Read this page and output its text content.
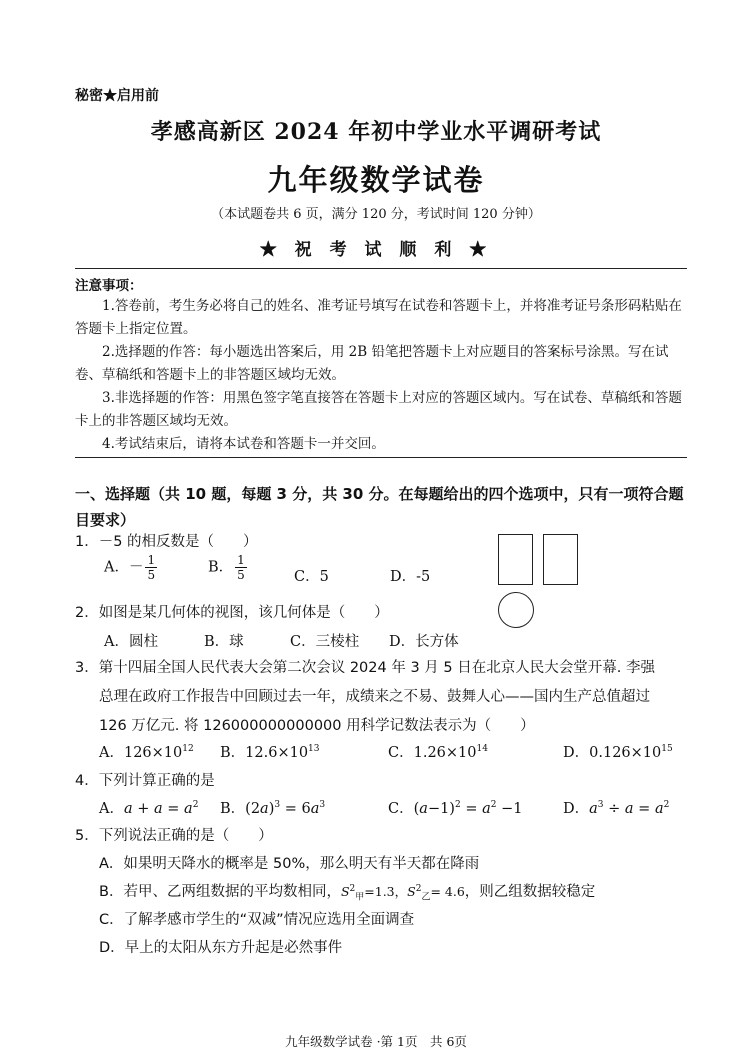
秘密★启用前
孝感高新区 2024 年初中学业水平调研考试
九年级数学试卷
（本试题卷共 6 页，满分 120 分，考试时间 120 分钟）
★ 祝 考 试 顺 利 ★
注意事项：

1.答卷前，考生务必将自己的姓名、准考证号填写在试卷和答题卡上，并将准考证号条形码粘贴在答题卡上指定位置。

2.选择题的作答：每小题选出答案后，用 2B 铅笔把答题卡上对应题目的答案标号涂黑。写在试卷、草稿纸和答题卡上的非答题区域均无效。

3.非选择题的作答：用黑色签字笔直接答在答题卡上对应的答题区域内。写在试卷、草稿纸和答题卡上的非答题区域均无效。

4.考试结束后，请将本试卷和答题卡一并交回。

一、选择题（共 10 题，每题 3 分，共 30 分。在每题给出的四个选项中，只有一项符合题目要求）
1．－5 的相反数是（　　）
A．－ $\frac{1}{5}$	B． $\frac{1}{5}$	C．5	D．-5
2．如图是某几何体的视图，该几何体是（　　）
A．圆柱	B．球	C．三棱柱 D．长方体
3．第十四届全国人民代表大会第二次会议 2024 年 3 月 5 日在北京人民大会堂开幕. 李强
总理在政府工作报告中回顾过去一年，成绩来之不易、鼓舞人心——国内生产总值超过
126 万亿元. 将 126000000000000 用科学记数法表示为（　　）
A．$126\times 10^{12}$ B．$12.6\times 10^{13}$	C．$1.26\times 10^{14}$	D．$0.126\times 10^{15}$
4．下列计算正确的是
A．$a + a = a^2$ B．$(2a)^3 = 6a^3$	C．$(a-1)^2 = a^2 -1$	D．$a^3 \div a = a^2$
5．下列说法正确的是（　　）
A．如果明天降水的概率是 50%，那么明天有半天都在降雨
B．若甲、乙两组数据的平均数相同，$S^2_甲=1.3$，$S^2_乙= 4.6$，则乙组数据较稳定
C．了解孝感市学生的“双减”情况应选用全面调查
D．早上的太阳从东方升起是必然事件
九年级数学试卷 ·第 1页　共 6页
